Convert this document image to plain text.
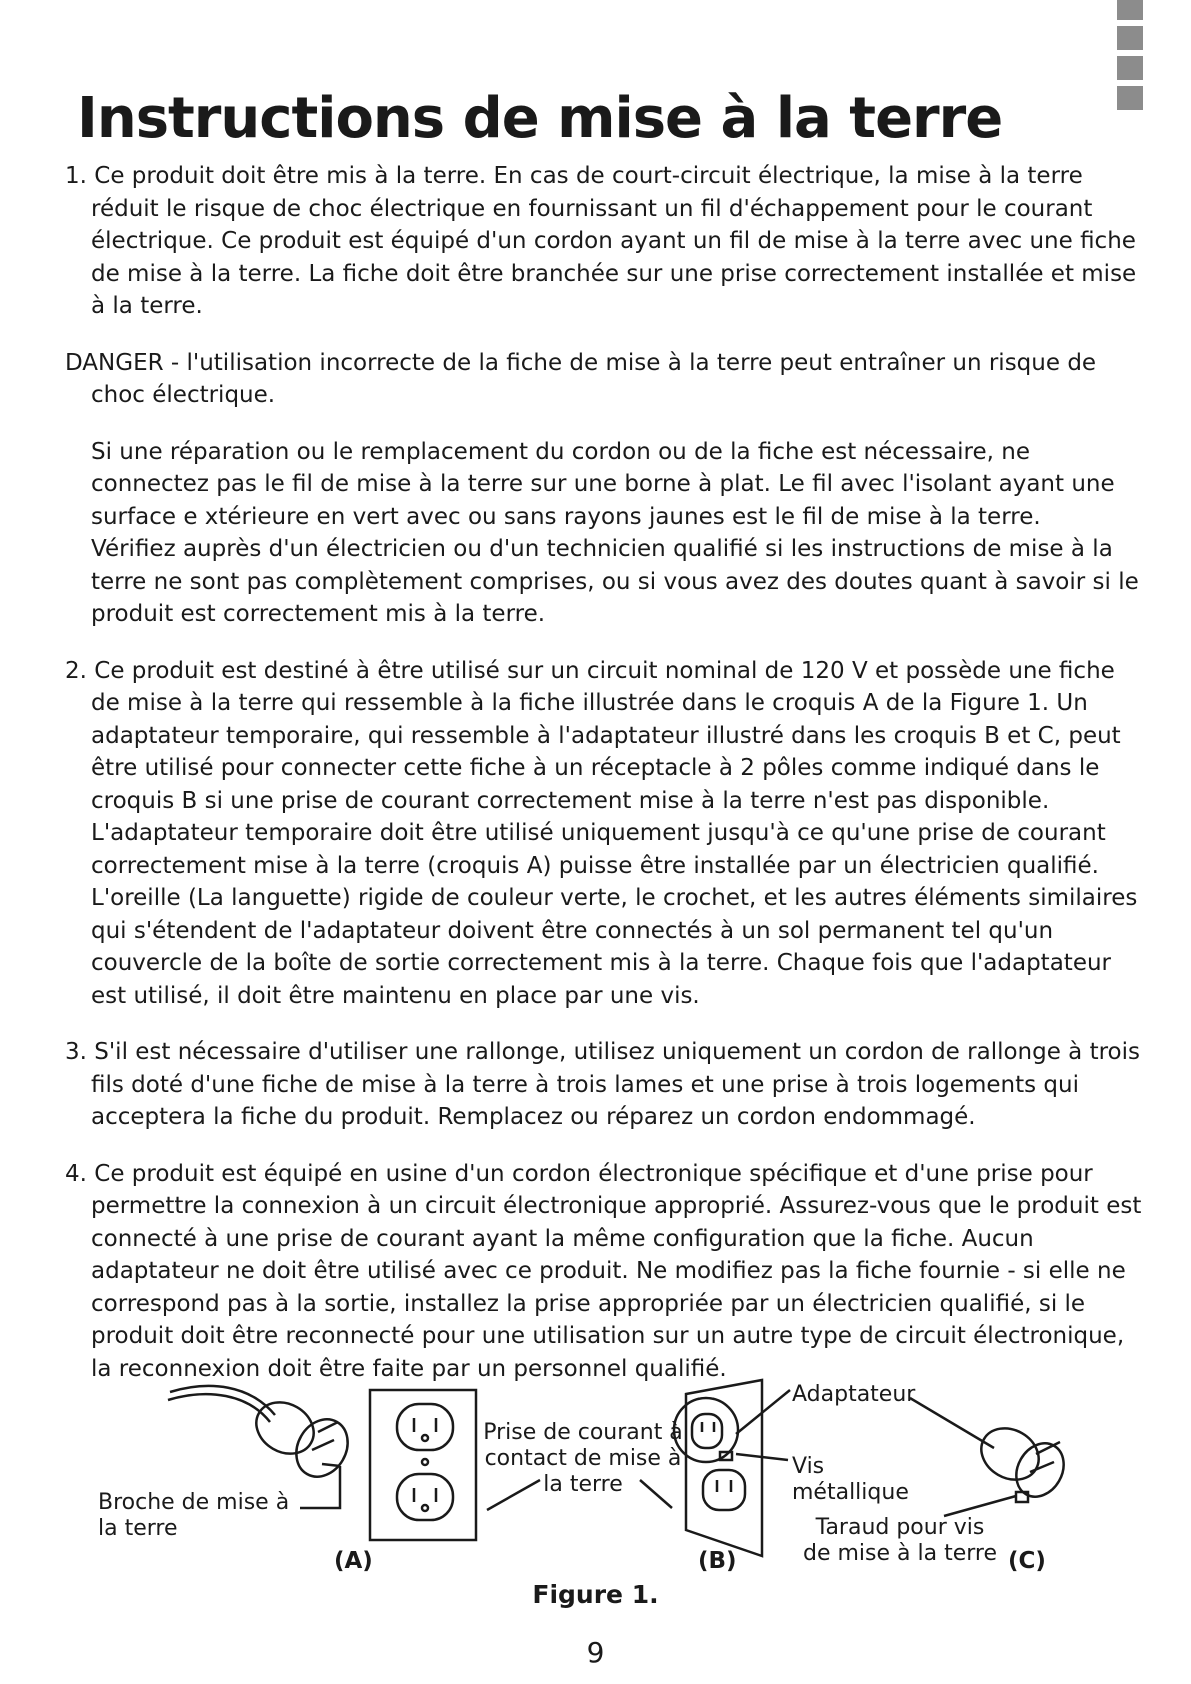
Instructions de mise à la terre

1. Ce produit doit être mis à la terre. En cas de court-circuit électrique, la mise à la terre réduit le risque de choc électrique en fournissant un fil d'échappement pour le courant électrique. Ce produit est équipé d'un cordon ayant un fil de mise à la terre avec une fiche de mise à la terre. La fiche doit être branchée sur une prise correctement installée et mise à la terre.

DANGER - l'utilisation incorrecte de la fiche de mise à la terre peut entraîner un risque de choc électrique.

Si une réparation ou le remplacement du cordon ou de la fiche est nécessaire, ne connectez pas le fil de mise à la terre sur une borne à plat. Le fil avec l'isolant ayant une surface e xtérieure en vert avec ou sans rayons jaunes est le fil de mise à la terre.

Vérifiez auprès d'un électricien ou d'un technicien qualifié si les instructions de mise à la terre ne sont pas complètement comprises, ou si vous avez des doutes quant à savoir si le produit est correctement mis à la terre.

2. Ce produit est destiné à être utilisé sur un circuit nominal de 120 V et possède une fiche de mise à la terre qui ressemble à la fiche illustrée dans le croquis A de la Figure 1. Un adaptateur temporaire, qui ressemble à l'adaptateur illustré dans les croquis B et C, peut être utilisé pour connecter cette fiche à un réceptacle à 2 pôles comme indiqué dans le croquis B si une prise de courant correctement mise à la terre n'est pas disponible. L'adaptateur temporaire doit être utilisé uniquement jusqu'à ce qu'une prise de courant correctement mise à la terre (croquis A) puisse être installée par un électricien qualifié. L'oreille (La languette) rigide de couleur verte, le crochet, et les autres éléments similaires qui s'étendent de l'adaptateur doivent être connectés à un sol permanent tel qu'un couvercle de la boîte de sortie correctement mis à la terre. Chaque fois que l'adaptateur est utilisé, il doit être maintenu en place par une vis.

3. S'il est nécessaire d'utiliser une rallonge, utilisez uniquement un cordon de rallonge à trois fils doté d'une fiche de mise à la terre à trois lames et une prise à trois logements qui acceptera la fiche du produit. Remplacez ou réparez un cordon endommagé.

4. Ce produit est équipé en usine d'un cordon électronique spécifique et d'une prise pour permettre la connexion à un circuit électronique approprié. Assurez-vous que le produit est connecté à une prise de courant ayant la même configuration que la fiche. Aucun adaptateur ne doit être utilisé avec ce produit. Ne modifiez pas la fiche fournie - si elle ne correspond pas à la sortie, installez la prise appropriée par un électricien qualifié, si le produit doit être reconnecté pour une utilisation sur un autre type de circuit électronique, la reconnexion doit être faite par un personnel qualifié.

Broche de mise à la terre
Prise de courant à contact de mise à la terre
Adaptateur
Vis métallique
Taraud pour vis de mise à la terre
(A)	(B)	(C)
Figure 1.
9
